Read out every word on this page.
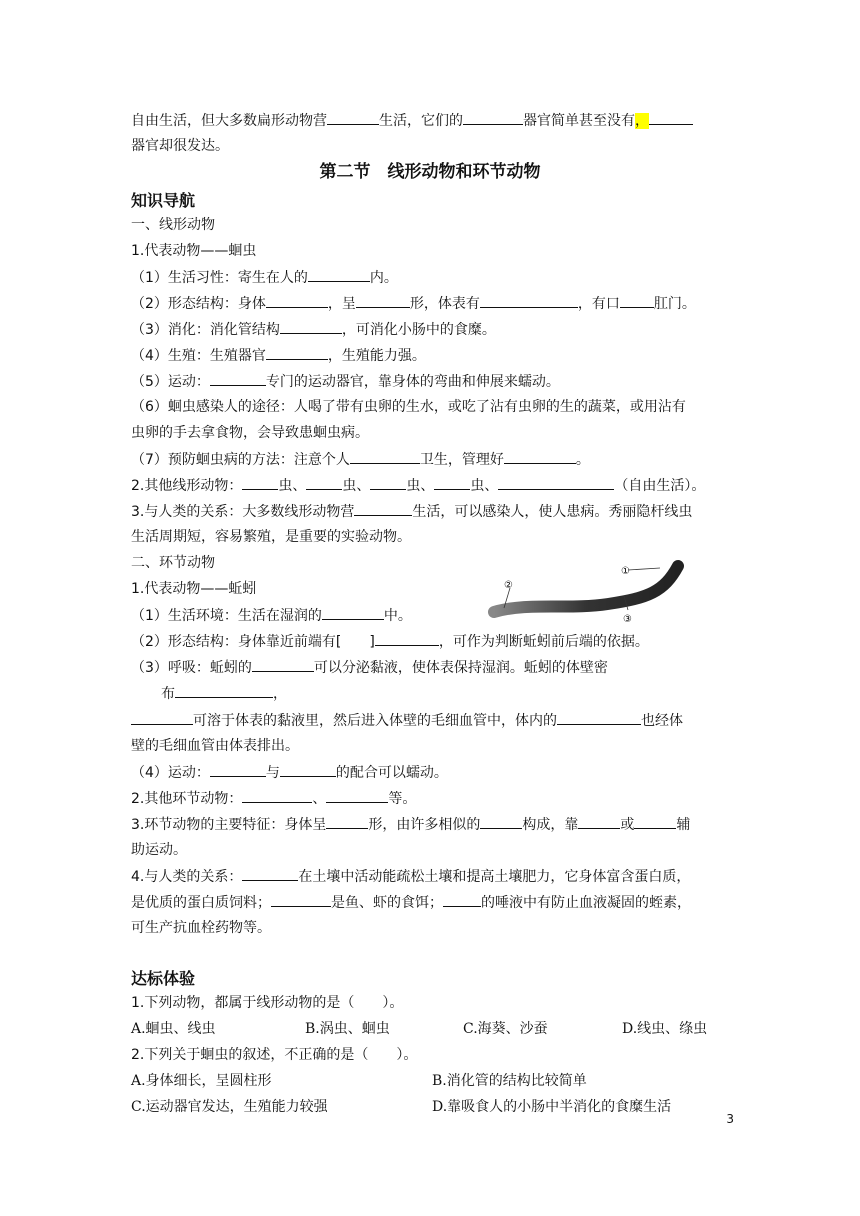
自由生活，但大多数扁形动物营	生活，它们的	器官简单甚至没有，
器官却很发达。
第二节　线形动物和环节动物
知识导航
一、线形动物
1.代表动物——蛔虫
（1）生活习性：寄生在人的	内。
（2）形态结构：身体	，呈	形，体表有	，有口 肛门。
（3）消化：消化管结构	，可消化小肠中的食糜。
（4）生殖：生殖器官	，生殖能力强。
（5）运动：	专门的运动器官，靠身体的弯曲和伸展来蠕动。
（6）蛔虫感染人的途径：人喝了带有虫卵的生水，或吃了沾有虫卵的生的蔬菜，或用沾有
虫卵的手去拿食物，会导致患蛔虫病。
（7）预防蛔虫病的方法：注意个人	卫生，管理好	。
2.其他线形动物：	虫、	虫、	虫、	虫、	（自由生活）。
3.与人类的关系：大多数线形动物营	生活，可以感染人，使人患病。秀丽隐杆线虫
生活周期短，容易繁殖，是重要的实验动物。
二、环节动物
1.代表动物——蚯蚓
①
②
③
（1）生活环境：生活在湿润的	中。
（2）形态结构：身体靠近前端有[ ]	，可作为判断蚯蚓前后端的依据。
（3）呼吸：蚯蚓的	可以分泌黏液，使体表保持湿润。蚯蚓的体壁密
布	，
可溶于体表的黏液里，然后进入体壁的毛细血管中，体内的	也经体
壁的毛细血管由体表排出。
（4）运动：	与	的配合可以蠕动。
2.其他环节动物：	、	等。
3.环节动物的主要特征：身体呈	形，由许多相似的	构成，靠	或	辅
助运动。
4.与人类的关系：	在土壤中活动能疏松土壤和提高土壤肥力，它身体富含蛋白质，
是优质的蛋白质饲料；	是鱼、虾的食饵；	的唾液中有防止血液凝固的蛭素，
可生产抗血栓药物等。
达标体验
1.下列动物，都属于线形动物的是（　　）。
A.蛔虫、线虫	B.涡虫、蛔虫	C.海葵、沙蚕	D.线虫、绦虫
2.下列关于蛔虫的叙述，不正确的是（　　）。
A.身体细长，呈圆柱形	B.消化管的结构比较简单
C.运动器官发达，生殖能力较强	D.靠吸食人的小肠中半消化的食糜生活
3
